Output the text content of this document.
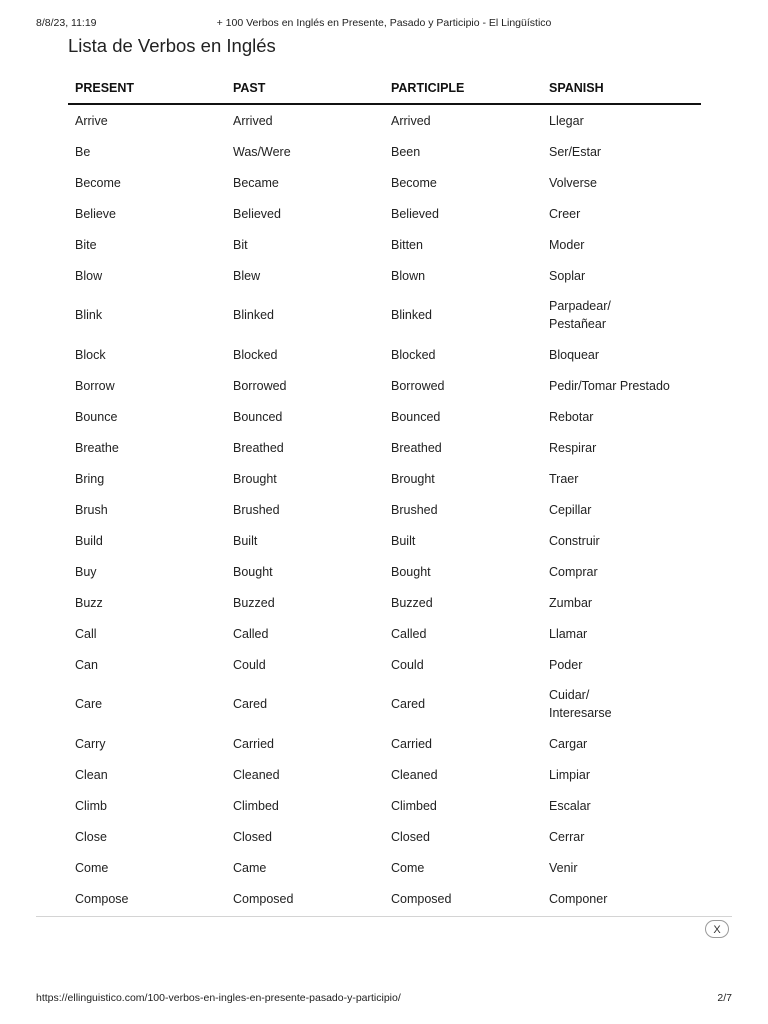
8/8/23, 11:19	+ 100 Verbos en Inglés en Presente, Pasado y Participio - El Lingüístico
Lista de Verbos en Inglés
PRESENT	PAST	PARTICIPLE	SPANISH
Arrive	Arrived	Arrived	Llegar
Be	Was/Were	Been	Ser/Estar
Become	Became	Become	Volverse
Believe	Believed	Believed	Creer
Bite	Bit	Bitten	Moder
Blow	Blew	Blown	Soplar
Blink	Blinked	Blinked	Parpadear/
Pestañear
Block	Blocked	Blocked	Bloquear
Borrow	Borrowed	Borrowed	Pedir/Tomar Prestado
Bounce	Bounced	Bounced	Rebotar
Breathe	Breathed	Breathed	Respirar
Bring	Brought	Brought	Traer
Brush	Brushed	Brushed	Cepillar
Build	Built	Built	Construir
Buy	Bought	Bought	Comprar
Buzz	Buzzed	Buzzed	Zumbar
Call	Called	Called	Llamar
Can	Could	Could	Poder
Care	Cared	Cared	Cuidar/
Interesarse
Carry	Carried	Carried	Cargar
Clean	Cleaned	Cleaned	Limpiar
Climb	Climbed	Climbed	Escalar
Close	Closed	Closed	Cerrar
Come	Came	Come	Venir
Compose	Composed	Composed	Componer
X
https://ellinguistico.com/100-verbos-en-ingles-en-presente-pasado-y-participio/	2/7
